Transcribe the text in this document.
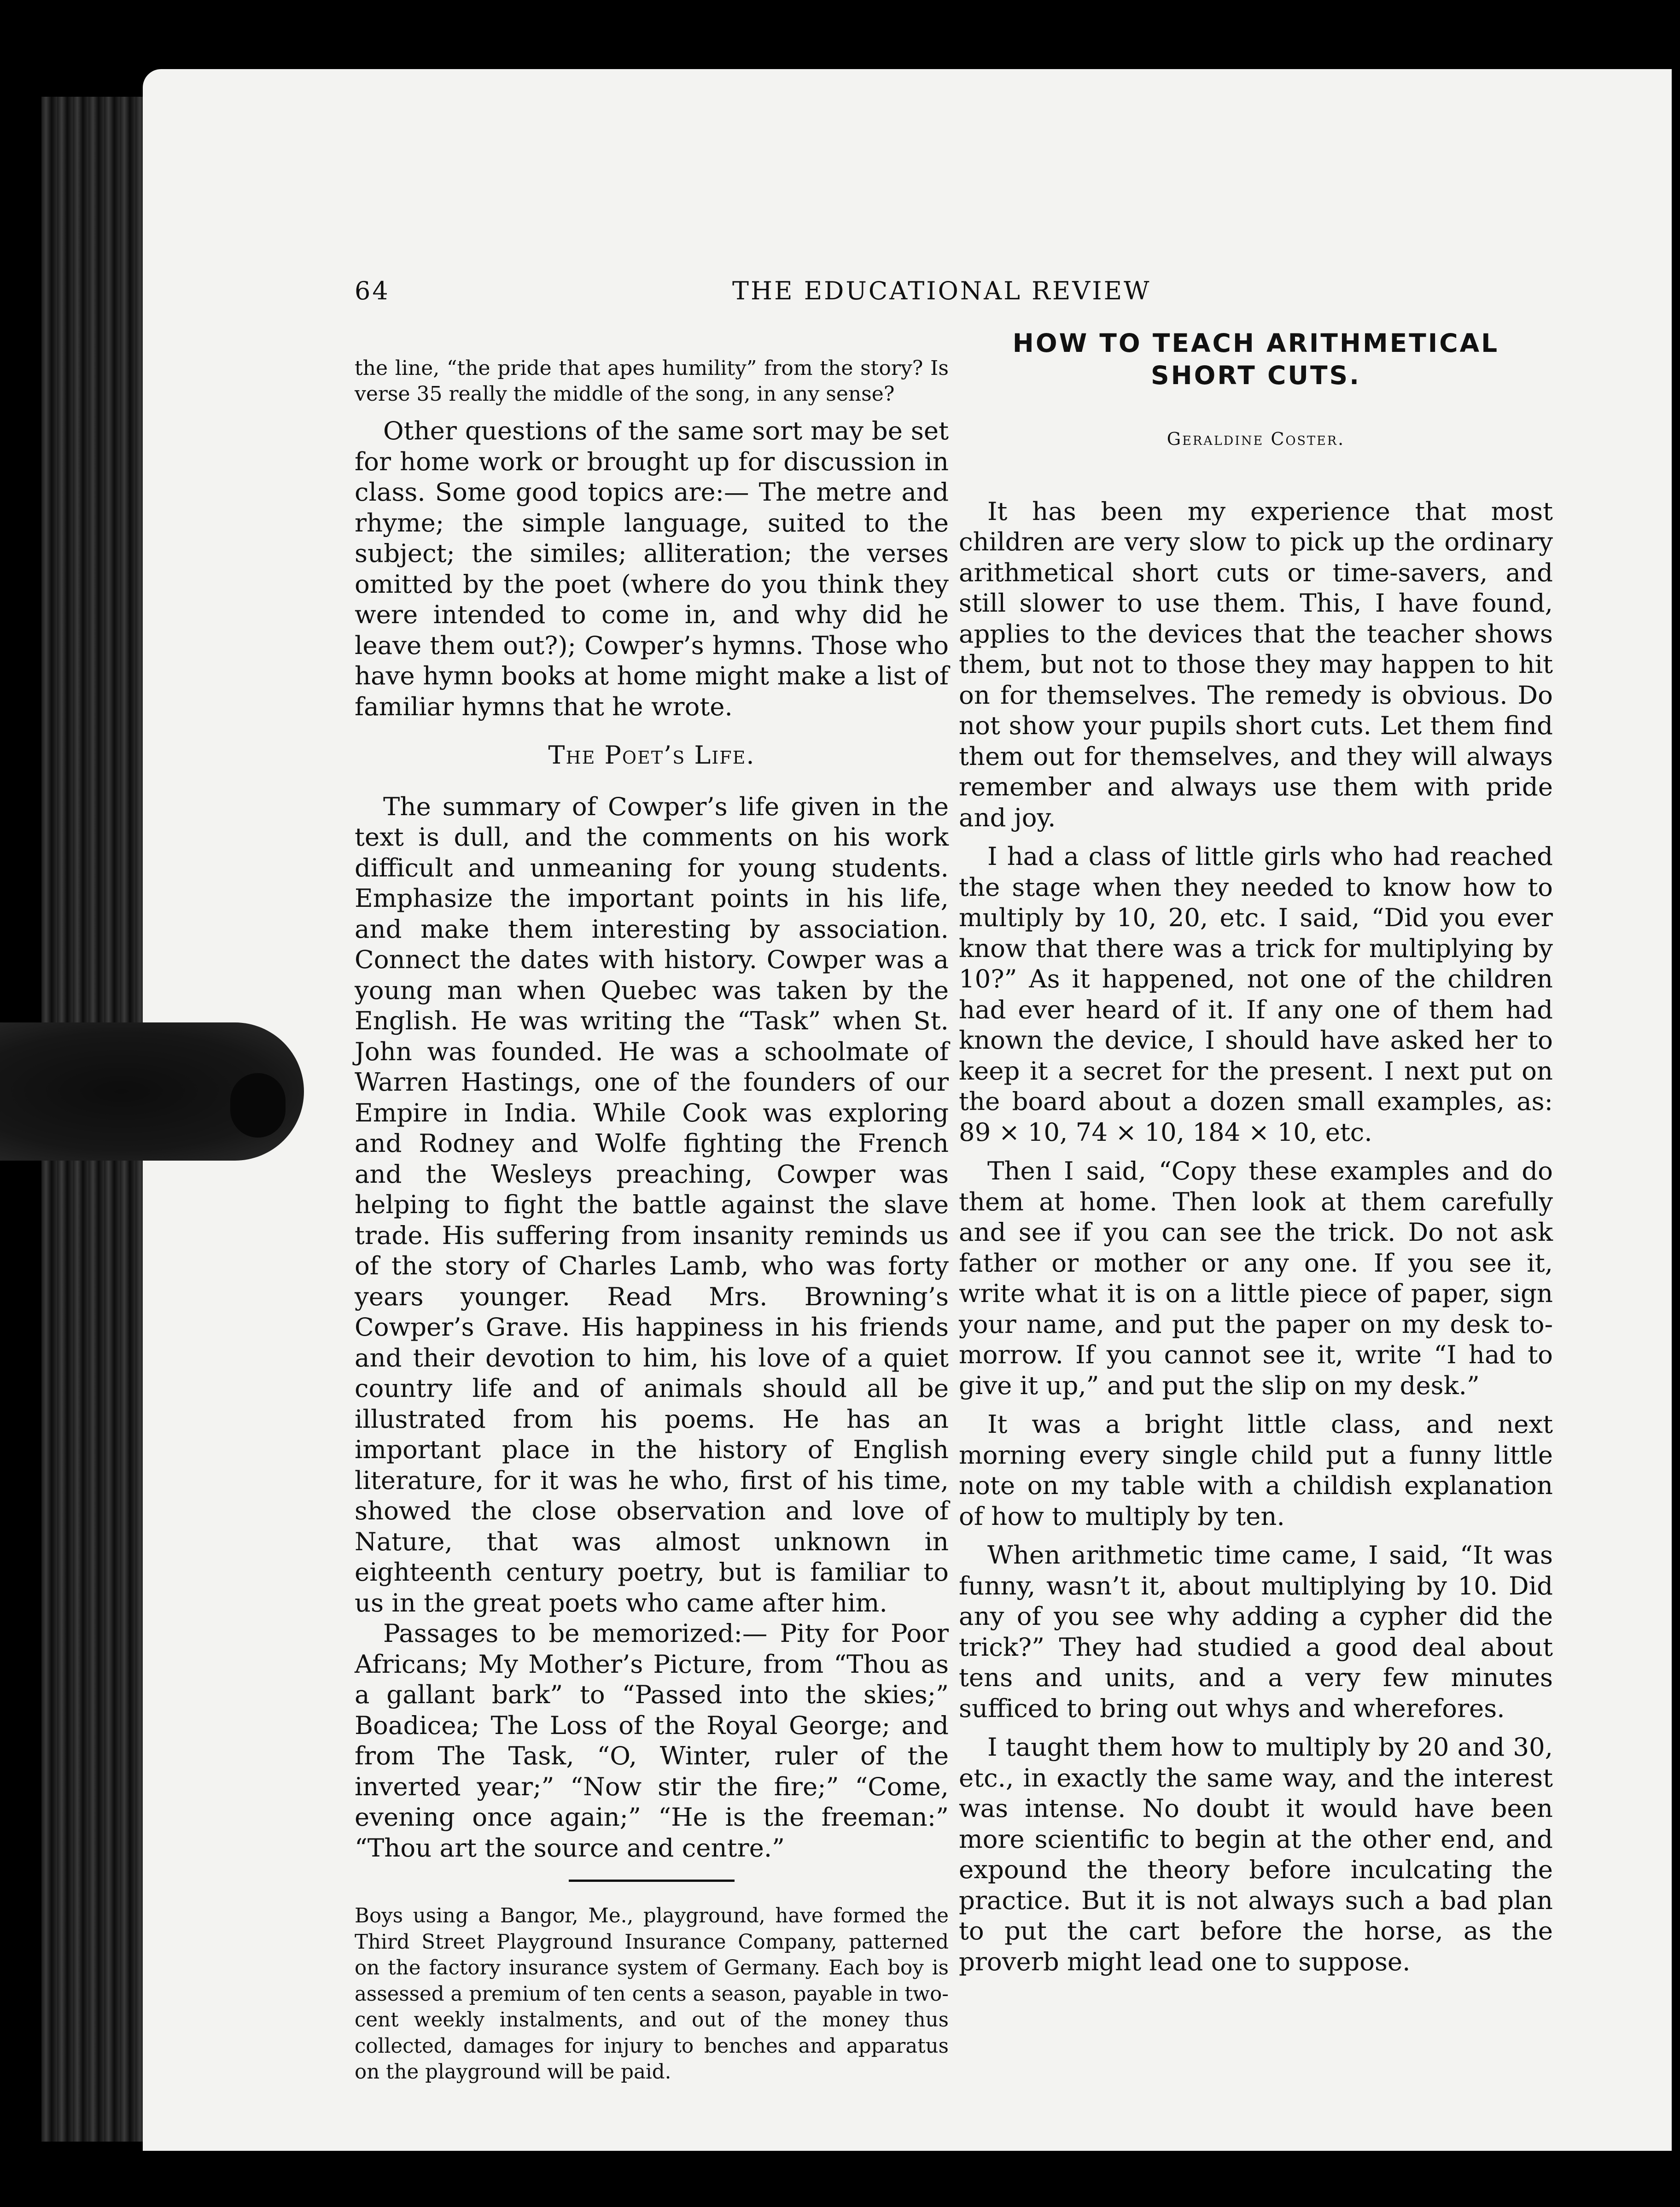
64	THE EDUCATIONAL REVIEW

the line, “the pride that apes humility” from the story? Is verse 35 really the middle of the song, in any sense?

Other questions of the same sort may be set for home work or brought up for discussion in class. Some good topics are:— The metre and rhyme; the simple language, suited to the subject; the similes; alliteration; the verses omitted by the poet (where do you think they were intended to come in, and why did he leave them out?); Cowper’s hymns. Those who have hymn books at home might make a list of familiar hymns that he wrote.

The Poet’s Life.

The summary of Cowper’s life given in the text is dull, and the comments on his work difficult and unmeaning for young students. Emphasize the important points in his life, and make them interesting by association. Connect the dates with history. Cowper was a young man when Quebec was taken by the English. He was writing the “Task” when St. John was founded. He was a schoolmate of Warren Hastings, one of the founders of our Empire in India. While Cook was exploring and Rodney and Wolfe fighting the French and the Wesleys preaching, Cowper was helping to fight the battle against the slave trade. His suffering from insanity reminds us of the story of Charles Lamb, who was forty years younger. Read Mrs. Browning’s Cowper’s Grave. His happiness in his friends and their devotion to him, his love of a quiet country life and of animals should all be illustrated from his poems. He has an important place in the history of English literature, for it was he who, first of his time, showed the close observation and love of Nature, that was almost unknown in eighteenth century poetry, but is familiar to us in the great poets who came after him.

Passages to be memorized:— Pity for Poor Africans; My Mother’s Picture, from “Thou as a gallant bark” to “Passed into the skies;” Boadicea; The Loss of the Royal George; and from The Task, “O, Winter, ruler of the inverted year;” “Now stir the fire;” “Come, evening once again;” “He is the freeman:” “Thou art the source and centre.”

Boys using a Bangor, Me., playground, have formed the Third Street Playground Insurance Company, patterned on the factory insurance system of Germany. Each boy is assessed a premium of ten cents a season, payable in two-cent weekly instalments, and out of the money thus collected, damages for injury to benches and apparatus on the playground will be paid.

HOW TO TEACH ARITHMETICAL SHORT CUTS.
Geraldine Coster.

It has been my experience that most children are very slow to pick up the ordinary arithmetical short cuts or time-savers, and still slower to use them. This, I have found, applies to the devices that the teacher shows them, but not to those they may happen to hit on for themselves. The remedy is obvious. Do not show your pupils short cuts. Let them find them out for themselves, and they will always remember and always use them with pride and joy.

I had a class of little girls who had reached the stage when they needed to know how to multiply by 10, 20, etc. I said, “Did you ever know that there was a trick for multiplying by 10?” As it happened, not one of the children had ever heard of it. If any one of them had known the device, I should have asked her to keep it a secret for the present. I next put on the board about a dozen small examples, as: 89 × 10, 74 × 10, 184 × 10, etc.

Then I said, “Copy these examples and do them at home. Then look at them carefully and see if you can see the trick. Do not ask father or mother or any one. If you see it, write what it is on a little piece of paper, sign your name, and put the paper on my desk to-morrow. If you cannot see it, write “I had to give it up,” and put the slip on my desk.”

It was a bright little class, and next morning every single child put a funny little note on my table with a childish explanation of how to multiply by ten.

When arithmetic time came, I said, “It was funny, wasn’t it, about multiplying by 10. Did any of you see why adding a cypher did the trick?” They had studied a good deal about tens and units, and a very few minutes sufficed to bring out whys and wherefores.

I taught them how to multiply by 20 and 30, etc., in exactly the same way, and the interest was intense. No doubt it would have been more scientific to begin at the other end, and expound the theory before inculcating the practice. But it is not always such a bad plan to put the cart before the horse, as the proverb might lead one to suppose.
